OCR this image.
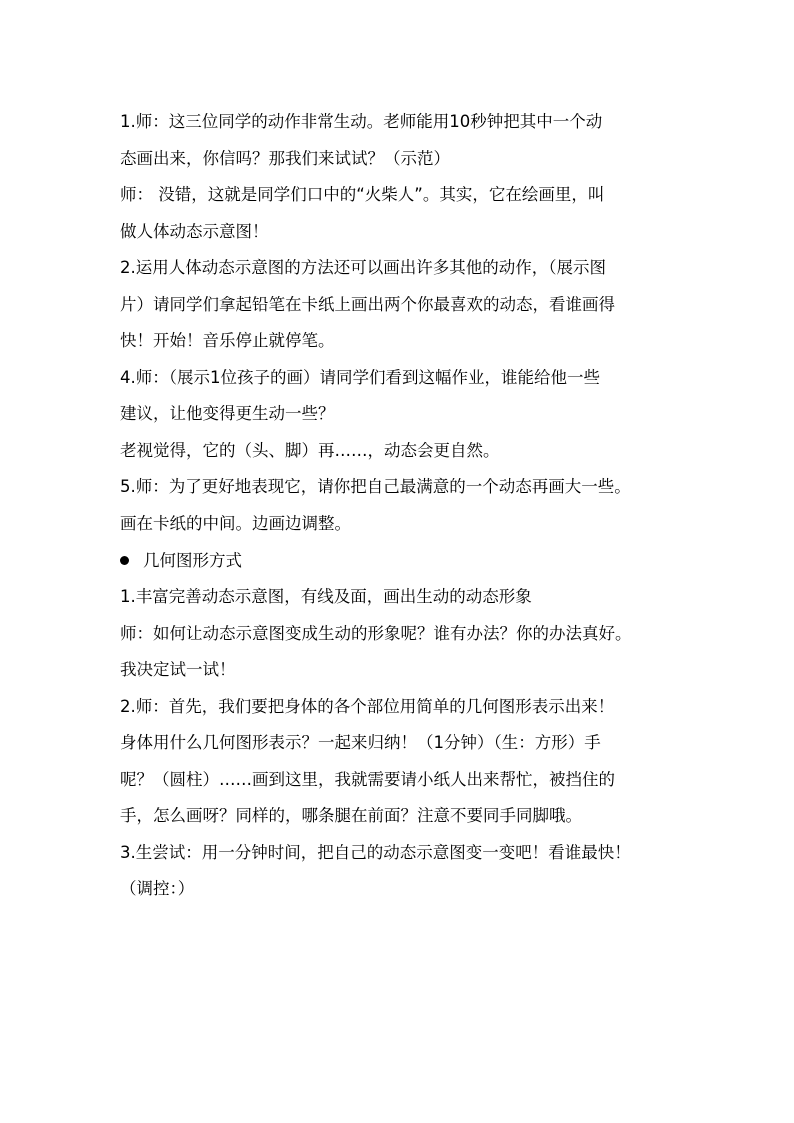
1.师：这三位同学的动作非常生动。老师能用10秒钟把其中一个动
态画出来，你信吗？那我们来试试？（示范）
师： 没错，这就是同学们口中的“火柴人”。其实，它在绘画里，叫
做人体动态示意图！
2.运用人体动态示意图的方法还可以画出许多其他的动作，（展示图
片）请同学们拿起铅笔在卡纸上画出两个你最喜欢的动态，看谁画得
快！开始！音乐停止就停笔。
4.师：（展示1位孩子的画）请同学们看到这幅作业，谁能给他一些
建议，让他变得更生动一些？
老视觉得，它的（头、脚）再……，动态会更自然。
5.师：为了更好地表现它，请你把自己最满意的一个动态再画大一些。
画在卡纸的中间。边画边调整。
几何图形方式
1.丰富完善动态示意图，有线及面，画出生动的动态形象
师：如何让动态示意图变成生动的形象呢？谁有办法？你的办法真好。
我决定试一试！
2.师：首先，我们要把身体的各个部位用简单的几何图形表示出来！
身体用什么几何图形表示？一起来归纳！（1分钟）（生：方形）手
呢？（圆柱）……画到这里，我就需要请小纸人出来帮忙，被挡住的
手，怎么画呀？同样的，哪条腿在前面？注意不要同手同脚哦。
3.生尝试：用一分钟时间，把自己的动态示意图变一变吧！看谁最快！
（调控：）
